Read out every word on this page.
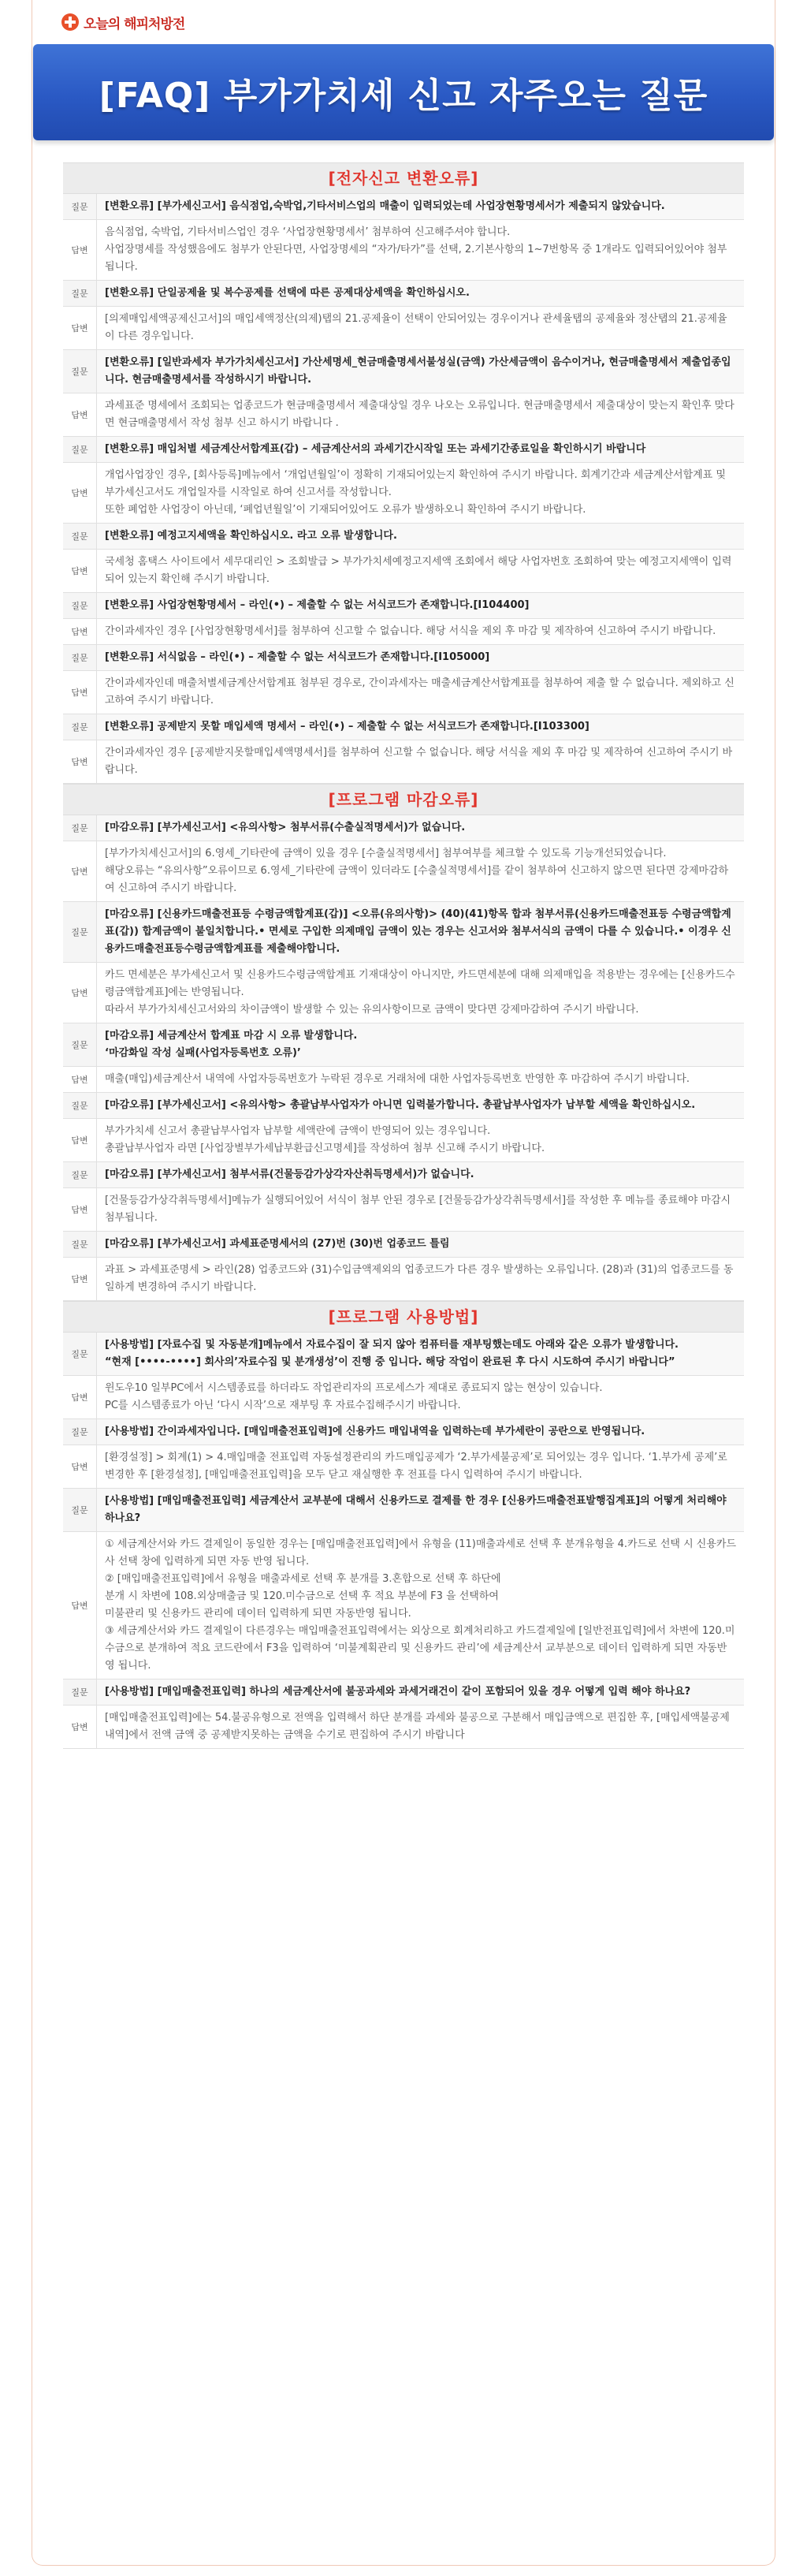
오늘의 해피처방전
[FAQ] 부가가치세 신고 자주오는 질문
[전자신고 변환오류]
질문	[변환오류] [부가세신고서] 음식점업,숙박업,기타서비스업의 매출이 입력되었는데 사업장현황명세서가 제출되지 않았습니다.
답변
음식점업, 숙박업, 기타서비스업인 경우 ‘사업장현황명세서’ 첨부하여 신고해주셔야 합니다.
사업장명세를 작성했음에도 첨부가 안된다면, 사업장명세의 “자가/타가”를 선택, 2.기본사항의 1~7번항목 중 1개라도 입력되어있어야 첨부됩니다.
질문	[변환오류] 단일공제율 및 복수공제를 선택에 따른 공제대상세액을 확인하십시오.
답변
[의제매입세액공제신고서]의 매입세액정산(의제)탭의 21.공제율이 선택이 안되어있는 경우이거나 관세율탭의 공제율와 정산탭의 21.공제율이 다른 경우입니다.
질문
[변환오류] [일반과세자 부가가치세신고서] 가산세명세_현금매출명세서불성실(금액) 가산세금액이 음수이거나, 현금매출명세서 제출업종입니다. 현금매출명세서를 작성하시기 바랍니다.
답변
과세표준 명세에서 조회되는 업종코드가 현금매출명세서 제출대상일 경우 나오는 오류입니다. 현금매출명세서 제출대상이 맞는지 확인후 맞다면 현금매출명세서 작성 첨부 신고 하시기 바랍니다 .
질문	[변환오류] 매입처별 세금계산서합계표(갑) – 세금계산서의 과세기간시작일 또는 과세기간종료일을 확인하시기 바랍니다
답변
개업사업장인 경우, [회사등록]메뉴에서 ‘개업년월일’이 정확히 기재되어있는지 확인하여 주시기 바랍니다. 회계기간과 세금계산서합계표 및 부가세신고서도 개업일자를 시작일로 하여 신고서를 작성합니다.
또한 폐업한 사업장이 아닌데, ‘폐업년월일’이 기재되어있어도 오류가 발생하오니 확인하여 주시기 바랍니다.
질문	[변환오류] 예정고지세액을 확인하십시오. 라고 오류 발생합니다.
답변
국세청 홈택스 사이트에서 세무대리인 > 조회발급 > 부가가치세예정고지세액 조회에서 해당 사업자번호 조회하여 맞는 예정고지세액이 입력되어 있는지 확인해 주시기 바랍니다.
질문	[변환오류] 사업장현황명세서 – 라인(•) – 제출할 수 없는 서식코드가 존재합니다.[I104400]
답변	간이과세자인 경우 [사업장현황명세서]를 첨부하여 신고할 수 없습니다. 해당 서식을 제외 후 마감 및 제작하여 신고하여 주시기 바랍니다.
질문	[변환오류] 서식없음 – 라인(•) – 제출할 수 없는 서식코드가 존재합니다.[I105000]
답변
간이과세자인데 매출처별세금계산서합계표 첨부된 경우로, 간이과세자는 매출세금계산서합계표를 첨부하여 제출 할 수 없습니다. 제외하고 신고하여 주시기 바랍니다.
질문	[변환오류] 공제받지 못할 매입세액 명세서 – 라인(•) – 제출할 수 없는 서식코드가 존재합니다.[I103300]
답변
간이과세자인 경우 [공제받지못할매입세액명세서]를 첨부하여 신고할 수 없습니다. 해당 서식을 제외 후 마감 및 제작하여 신고하여 주시기 바랍니다.
[프로그램 마감오류]
질문	[마감오류] [부가세신고서] <유의사항> 첨부서류(수출실적명세서)가 없습니다.
답변
[부가가치세신고서]의 6.영세_기타란에 금액이 있을 경우 [수출실적명세서] 첨부여부를 체크할 수 있도록 기능개선되었습니다.
해당오류는 “유의사항”오류이므로 6.영세_기타란에 금액이 있더라도 [수출실적명세서]를 같이 첨부하여 신고하지 않으면 된다면 강제마감하여 신고하여 주시기 바랍니다.
질문
[마감오류] [신용카드매출전표등 수령금액합계표(갑)] <오류(유의사항)> (40)(41)항목 합과 첨부서류(신용카드매출전표등 수령금액합계표(갑)) 합계금액이 불일치합니다.• 면세로 구입한 의제매입 금액이 있는 경우는 신고서와 첨부서식의 금액이 다를 수 있습니다.• 이경우 신용카드매출전표등수령금액합계표를 제출해야합니다.
답변
카드 면세분은 부가세신고서 및 신용카드수령금액합계표 기재대상이 아니지만, 카드면세분에 대해 의제매입을 적용받는 경우에는 [신용카드수령금액합계표]에는 반영됩니다.
따라서 부가가치세신고서와의 차이금액이 발생할 수 있는 유의사항이므로 금액이 맞다면 강제마감하여 주시기 바랍니다.
질문
[마감오류] 세금계산서 합계표 마감 시 오류 발생합니다.
‘마감화일 작성 실패(사업자등록번호 오류)’
답변	매출(매입)세금계산서 내역에 사업자등록번호가 누락된 경우로 거래처에 대한 사업자등록번호 반영한 후 마감하여 주시기 바랍니다.
질문	[마감오류] [부가세신고서] <유의사항> 총괄납부사업자가 아니면 입력불가합니다. 총괄납부사업자가 납부할 세액을 확인하십시오.
답변
부가가치세 신고서 총괄납부사업자 납부할 세액란에 금액이 반영되어 있는 경우입니다.
총괄납부사업자 라면 [사업장별부가세납부환급신고명세]를 작성하여 첨부 신고해 주시기 바랍니다.
질문	[마감오류] [부가세신고서] 첨부서류(건물등감가상각자산취득명세서)가 없습니다.
답변
[건물등감가상각취득명세서]메뉴가 실행되어있어 서식이 첨부 안된 경우로 [건물등감가상각취득명세서]를 작성한 후 메뉴를 종료해야 마감시 첨부됩니다.
질문	[마감오류] [부가세신고서] 과세표준명세서의 (27)번 (30)번 업종코드 틀림
답변
과표 > 과세표준명세 > 라인(28) 업종코드와 (31)수입금액제외의 업종코드가 다른 경우 발생하는 오류입니다. (28)과 (31)의 업종코드를 동일하게 변경하여 주시기 바랍니다.
[프로그램 사용방법]
질문
[사용방법] [자료수집 및 자동분개]메뉴에서 자료수집이 잘 되지 않아 컴퓨터를 재부팅했는데도 아래와 같은 오류가 발생합니다.
“현재 [••••-••••] 회사의’자료수집 및 분개생성’이 진행 중 입니다. 해당 작업이 완료된 후 다시 시도하여 주시기 바랍니다”
답변
윈도우10 일부PC에서 시스템종료를 하더라도 작업관리자의 프로세스가 제대로 종료되지 않는 현상이 있습니다.
PC를 시스템종료가 아닌 ‘다시 시작’으로 재부팅 후 자료수집해주시기 바랍니다.
질문	[사용방법] 간이과세자입니다. [매입매출전표입력]에 신용카드 매입내역을 입력하는데 부가세란이 공란으로 반영됩니다.
답변
[환경설정] > 회계(1) > 4.매입매출 전표입력 자동설정관리의 카드매입공제가 ‘2.부가세불공제’로 되어있는 경우 입니다. ‘1.부가세 공제’로 변경한 후 [환경설정], [매입매출전표입력]을 모두 닫고 재실행한 후 전표를 다시 입력하여 주시기 바랍니다.
질문
[사용방법] [매입매출전표입력] 세금계산서 교부분에 대해서 신용카드로 결제를 한 경우 [신용카드매출전표발행집계표]의 어떻게 처리해야 하나요?
답변
① 세금계산서와 카드 결제일이 동일한 경우는 [매입매출전표입력]에서 유형을 (11)매출과세로 선택 후 분개유형을 4.카드로 선택 시 신용카드사 선택 창에 입력하게 되면 자동 반영 됩니다.
② [매입매출전표입력]에서 유형을 매출과세로 선택 후 분개를 3.혼합으로 선택 후 하단에
분개 시 차변에 108.외상매출금 및 120.미수금으로 선택 후 적요 부분에 F3 을 선택하여
미불관리 및 신용카드 관리에 데이터 입력하게 되면 자동반영 됩니다.
③ 세금계산서와 카드 결제일이 다른경우는 매입매출전표입력에서는 외상으로 회계처리하고 카드결제일에 [일반전표입력]에서 차변에 120.미수금으로 분개하여 적요 코드란에서 F3을 입력하여 ‘미불계획관리 및 신용카드 관리’에 세금계산서 교부분으로 데이터 입력하게 되면 자동반영 됩니다.
질문	[사용방법] [매입매출전표입력] 하나의 세금계산서에 불공과세와 과세거래건이 같이 포함되어 있을 경우 어떻게 입력 해야 하나요?
답변
[매입매출전표입력]에는 54.불공유형으로 전액을 입력해서 하단 분개를 과세와 불공으로 구분해서 매입금액으로 편집한 후, [매입세액불공제내역]에서 전액 금액 중 공제받지못하는 금액을 수기로 편집하여 주시기 바랍니다
